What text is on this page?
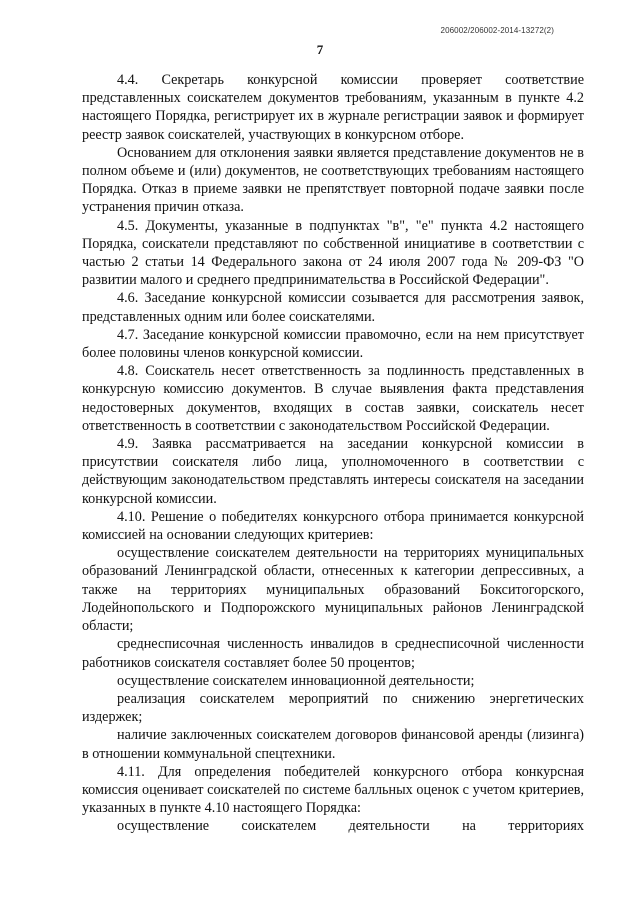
206002/206002-2014-13272(2)
7

4.4. Секретарь конкурсной комиссии проверяет соответствие представленных соискателем документов требованиям, указанным в пункте 4.2 настоящего Порядка, регистрирует их в журнале регистрации заявок и формирует реестр заявок соискателей, участвующих в конкурсном отборе.

Основанием для отклонения заявки является представление документов не в полном объеме и (или) документов, не соответствующих требованиям настоящего Порядка. Отказ в приеме заявки не препятствует повторной подаче заявки после устранения причин отказа.

4.5. Документы, указанные в подпунктах "в", "е" пункта 4.2 настоящего Порядка, соискатели представляют по собственной инициативе в соответствии с частью 2 статьи 14 Федерального закона от 24 июля 2007 года № 209-ФЗ "О развитии малого и среднего предпринимательства в Российской Федерации".

4.6. Заседание конкурсной комиссии созывается для рассмотрения заявок, представленных одним или более соискателями.

4.7. Заседание конкурсной комиссии правомочно, если на нем присутствует более половины членов конкурсной комиссии.

4.8. Соискатель несет ответственность за подлинность представленных в конкурсную комиссию документов. В случае выявления факта представления недостоверных документов, входящих в состав заявки, соискатель несет ответственность в соответствии с законодательством Российской Федерации.

4.9. Заявка рассматривается на заседании конкурсной комиссии в присутствии соискателя либо лица, уполномоченного в соответствии с действующим законодательством представлять интересы соискателя на заседании конкурсной комиссии.

4.10. Решение о победителях конкурсного отбора принимается конкурсной комиссией на основании следующих критериев:

осуществление соискателем деятельности на территориях муниципальных образований Ленинградской области, отнесенных к категории депрессивных, а также на территориях муниципальных образований Бокситогорского, Лодейнопольского и Подпорожского муниципальных районов Ленинградской области;

среднесписочная численность инвалидов в среднесписочной численности работников соискателя составляет более 50 процентов;

осуществление соискателем инновационной деятельности;

реализация соискателем мероприятий по снижению энергетических издержек;

наличие заключенных соискателем договоров финансовой аренды (лизинга) в отношении коммунальной спецтехники.

4.11. Для определения победителей конкурсного отбора конкурсная комиссия оценивает соискателей по системе балльных оценок с учетом критериев, указанных в пункте 4.10 настоящего Порядка:

осуществление соискателем деятельности на территориях
